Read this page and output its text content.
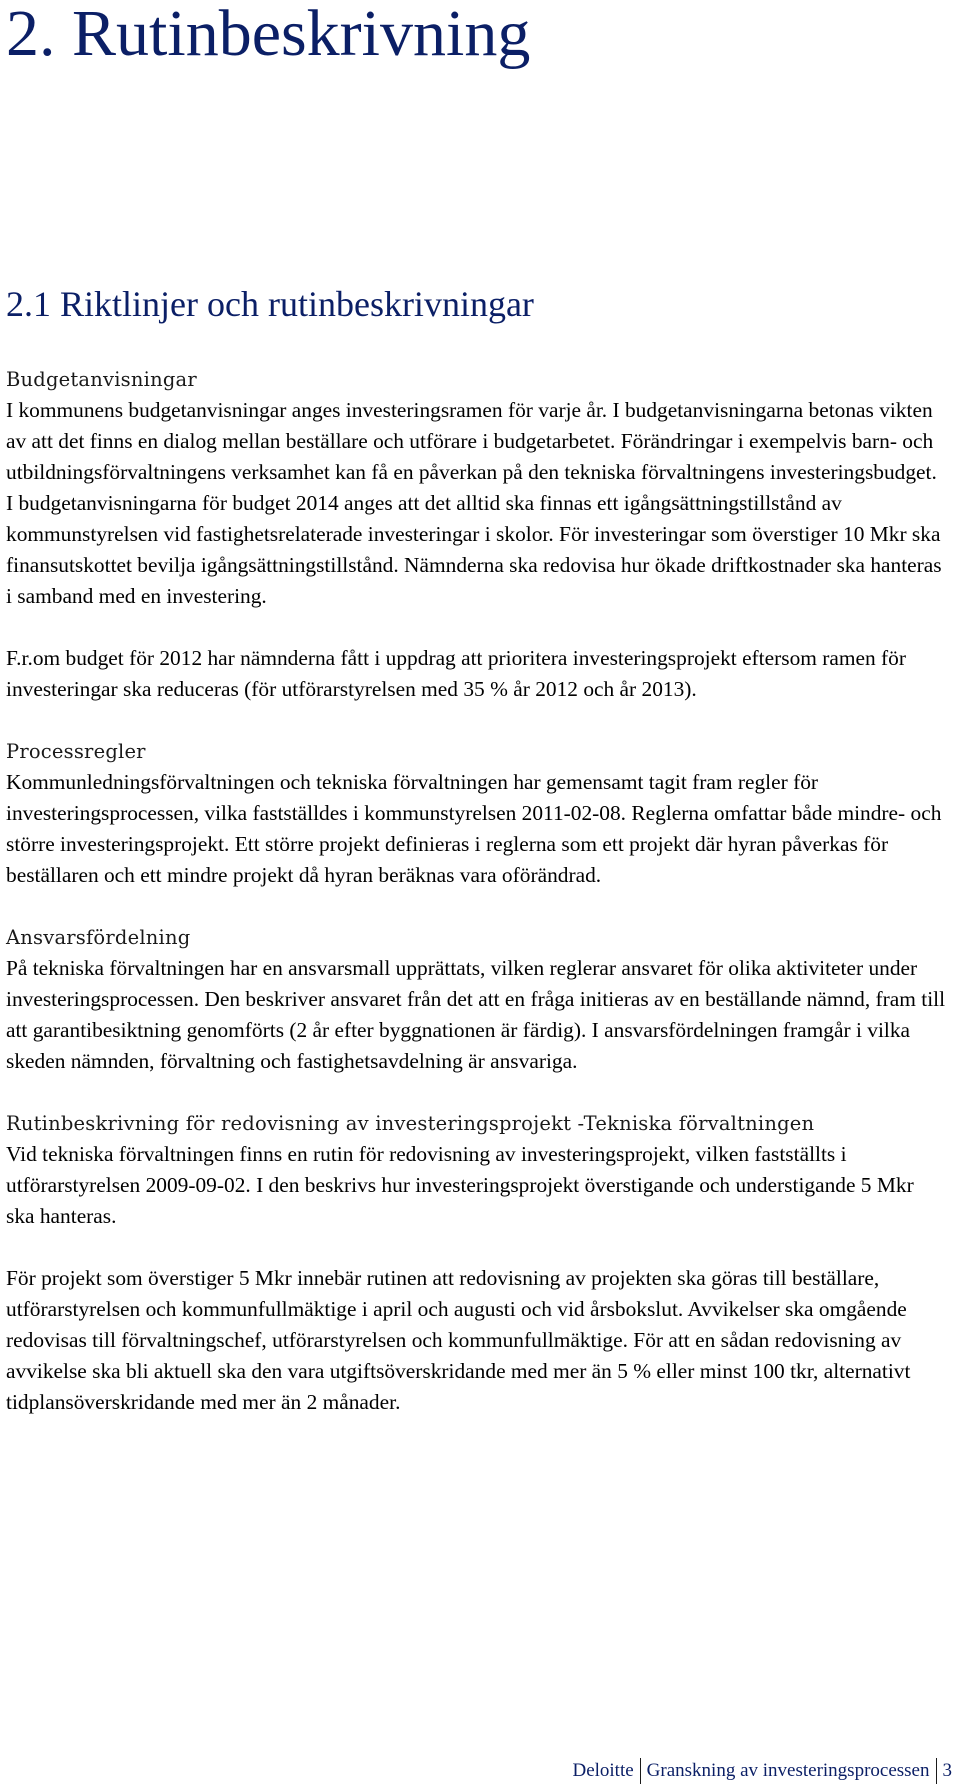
2. Rutinbeskrivning
2.1 Riktlinjer och rutinbeskrivningar
Budgetanvisningar

I kommunens budgetanvisningar anges investeringsramen för varje år. I budgetanvisningarna betonas vikten av att det finns en dialog mellan beställare och utförare i budgetarbetet. Förändringar i exempelvis barn- och utbildningsförvaltningens verksamhet kan få en påverkan på den tekniska förvaltningens investeringsbudget. I budgetanvisningarna för budget 2014 anges att det alltid ska finnas ett igångsättningstillstånd av kommunstyrelsen vid fastighetsrelaterade investeringar i skolor. För investeringar som överstiger 10 Mkr ska finansutskottet bevilja igångsättningstillstånd. Nämnderna ska redovisa hur ökade driftkostnader ska hanteras i samband med en investering.

F.r.om budget för 2012 har nämnderna fått i uppdrag att prioritera investeringsprojekt eftersom ramen för investeringar ska reduceras (för utförarstyrelsen med 35 % år 2012 och år 2013).

Processregler

Kommunledningsförvaltningen och tekniska förvaltningen har gemensamt tagit fram regler för investeringsprocessen, vilka fastställdes i kommunstyrelsen 2011-02-08. Reglerna omfattar både mindre- och större investeringsprojekt. Ett större projekt definieras i reglerna som ett projekt där hyran påverkas för beställaren och ett mindre projekt då hyran beräknas vara oförändrad.

Ansvarsfördelning

På tekniska förvaltningen har en ansvarsmall upprättats, vilken reglerar ansvaret för olika aktiviteter under investeringsprocessen. Den beskriver ansvaret från det att en fråga initieras av en beställande nämnd, fram till att garantibesiktning genomförts (2 år efter byggnationen är färdig). I ansvarsfördelningen framgår i vilka skeden nämnden, förvaltning och fastighetsavdelning är ansvariga.

Rutinbeskrivning för redovisning av investeringsprojekt -Tekniska förvaltningen

Vid tekniska förvaltningen finns en rutin för redovisning av investeringsprojekt, vilken fastställts i utförarstyrelsen 2009-09-02. I den beskrivs hur investeringsprojekt överstigande och understigande 5 Mkr ska hanteras.

För projekt som överstiger 5 Mkr innebär rutinen att redovisning av projekten ska göras till beställare, utförarstyrelsen och kommunfullmäktige i april och augusti och vid årsbokslut. Avvikelser ska omgående redovisas till förvaltningschef, utförarstyrelsen och kommunfullmäktige. För att en sådan redovisning av avvikelse ska bli aktuell ska den vara utgiftsöverskridande med mer än 5 % eller minst 100 tkr, alternativt tidplansöverskridande med mer än 2 månader.

Deloitte Granskning av investeringsprocessen 3
